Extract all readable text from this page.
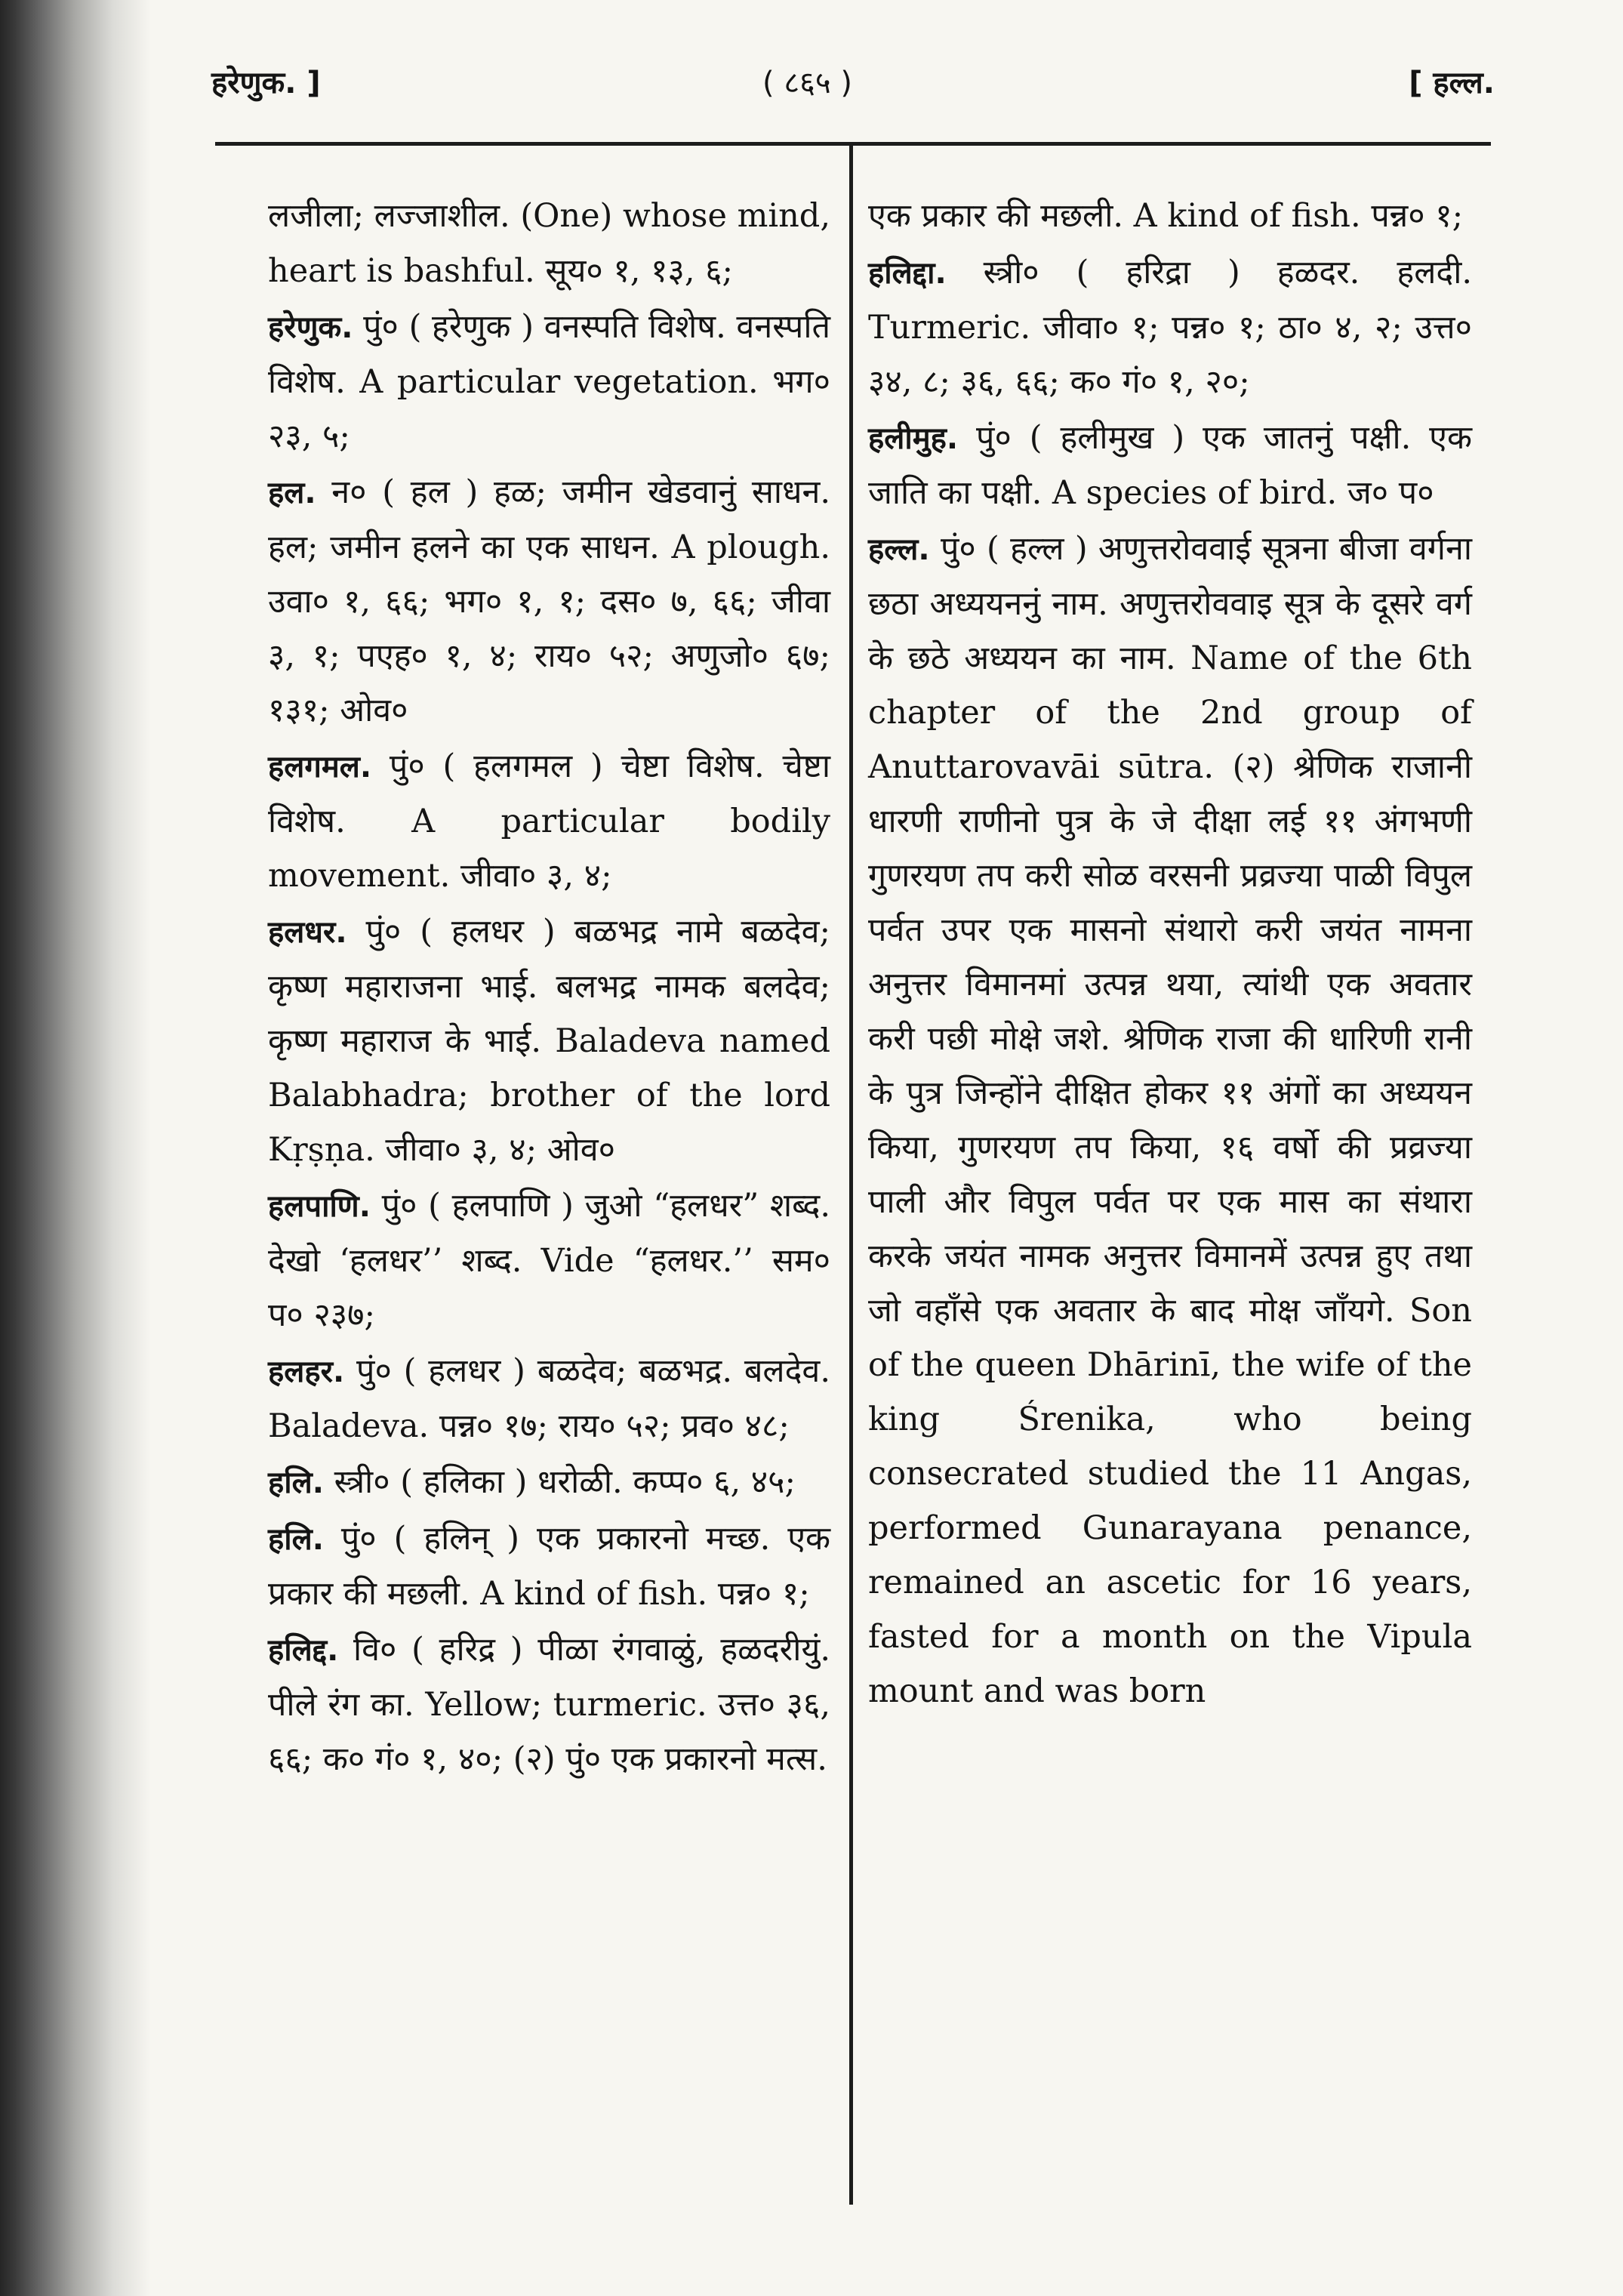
हरेणुक. ]	( ८६५ )	[ हल्ल.

लजीला; लज्जाशील. (One) whose mind, heart is bashful. सूय० १, १३, ६;

हरेणुक. पुं० ( हरेणुक ) वनस्पति विशेष. वनस्पति विशेष. A particular vegetation. भग० २३, ५;

हल. न० ( हल ) हळ; जमीन खेडवानुं साधन. हल; जमीन हलने का एक साधन. A plough. उवा० १, ६६; भग० १, १; दस० ७, ६६; जीवा ३, १; पएह० १, ४; राय० ५२; अणुजो० ६७; १३१; ओव०

हलगमल. पुं० ( हलगमल ) चेष्टा विशेष. चेष्टा विशेष. A particular bodily movement. जीवा० ३, ४;

हलधर. पुं० ( हलधर ) बळभद्र नामे बळदेव; कृष्ण महाराजना भाई. बलभद्र नामक बलदेव; कृष्ण महाराज के भाई. Baladeva named Balabhadra; brother of the lord Kṛṣṇa. जीवा० ३, ४; ओव०

हलपाणि. पुं० ( हलपाणि ) जुओ “हलधर” शब्द. देखो ‘हलधर’’ शब्द. Vide “हलधर.’’ सम० प० २३७;

हलहर. पुं० ( हलधर ) बळदेव; बळभद्र. बलदेव. Baladeva. पन्न० १७; राय० ५२; प्रव० ४८;

हलि. स्त्री० ( हलिका ) धरोळी. कप्प० ६, ४५;

हलि. पुं० ( हलिन् ) एक प्रकारनो मच्छ. एक प्रकार की मछली. A kind of fish. पन्न० १;

हलिद्द. वि० ( हरिद्र ) पीळा रंगवाळुं, हळदरीयुं. पीले रंग का. Yellow; turmeric. उत्त० ३६, ६६; क० गं० १, ४०; (२) पुं० एक प्रकारनो मत्स.

एक प्रकार की मछली. A kind of fish. पन्न० १;

हलिद्दा. स्त्री० ( हरिद्रा ) हळदर. हलदी. Turmeric. जीवा० १; पन्न० १; ठा० ४, २; उत्त० ३४, ८; ३६, ६६; क० गं० १, २०;

हलीमुह. पुं० ( हलीमुख ) एक जातनुं पक्षी. एक जाति का पक्षी. A species of bird. ज० प०

हल्ल. पुं० ( हल्ल ) अणुत्तरोववाई सूत्रना बीजा वर्गना छठा अध्ययननुं नाम. अणुत्तरोववाइ सूत्र के दूसरे वर्ग के छठे अध्ययन का नाम. Name of the 6th chapter of the 2nd group of Anuttarovavāi sūtra. (२) श्रेणिक राजानी धारणी राणीनो पुत्र के जे दीक्षा लई ११ अंगभणी गुणरयण तप करी सोळ वरसनी प्रव्रज्या पाळी विपुल पर्वत उपर एक मासनो संथारो करी जयंत नामना अनुत्तर विमानमां उत्पन्न थया, त्यांथी एक अवतार करी पछी मोक्षे जशे. श्रेणिक राजा की धारिणी रानी के पुत्र जिन्होंने दीक्षित होकर ११ अंगों का अध्ययन किया, गुणरयण तप किया, १६ वर्षो की प्रव्रज्या पाली और विपुल पर्वत पर एक मास का संथारा करके जयंत नामक अनुत्तर विमानमें उत्पन्न हुए तथा जो वहाँसे एक अवतार के बाद मोक्ष जाँयगे. Son of the queen Dhārinī, the wife of the king Śrenika, who being consecrated studied the 11 Angas, performed Gunarayana penance, remained an ascetic for 16 years, fasted for a month on the Vipula mount and was born
